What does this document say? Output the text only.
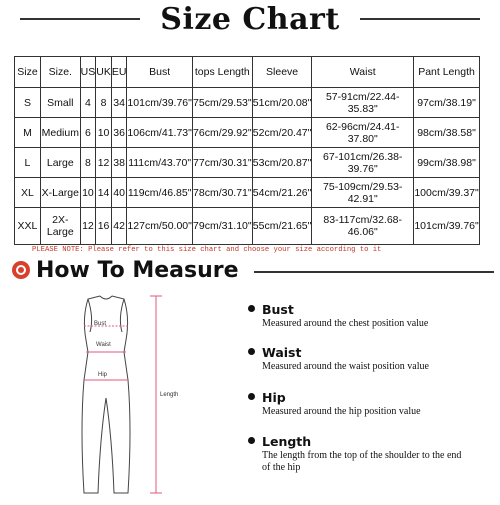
Size Chart
Size	Size.	US	UK	EU	Bust	tops Length	Sleeve	Waist	Pant Length
S	Small	4	8	34	101cm/39.76"	75cm/29.53"	51cm/20.08"	57-91cm/22.44-35.83"	97cm/38.19"
M	Medium	6	10	36	106cm/41.73"	76cm/29.92"	52cm/20.47"	62-96cm/24.41-37.80"	98cm/38.58"
L	Large	8	12	38	111cm/43.70"	77cm/30.31"	53cm/20.87"	67-101cm/26.38-39.76"	99cm/38.98"
XL	X-Large	10	14	40	119cm/46.85"	78cm/30.71"	54cm/21.26"	75-109cm/29.53-42.91"	100cm/39.37"
XXL	2X-Large	12	16	42	127cm/50.00"	79cm/31.10"	55cm/21.65"	83-117cm/32.68-46.06"	101cm/39.76"
PLEASE NOTE: Please refer to this size chart and choose your size according to it
How To Measure
Bust
Waist
Hip
Length
Bust
Measured around the chest position value
Waist
Measured around the waist position value
Hip
Measured around the hip position value
Length
The length from the top of the shoulder to the end of the hip
